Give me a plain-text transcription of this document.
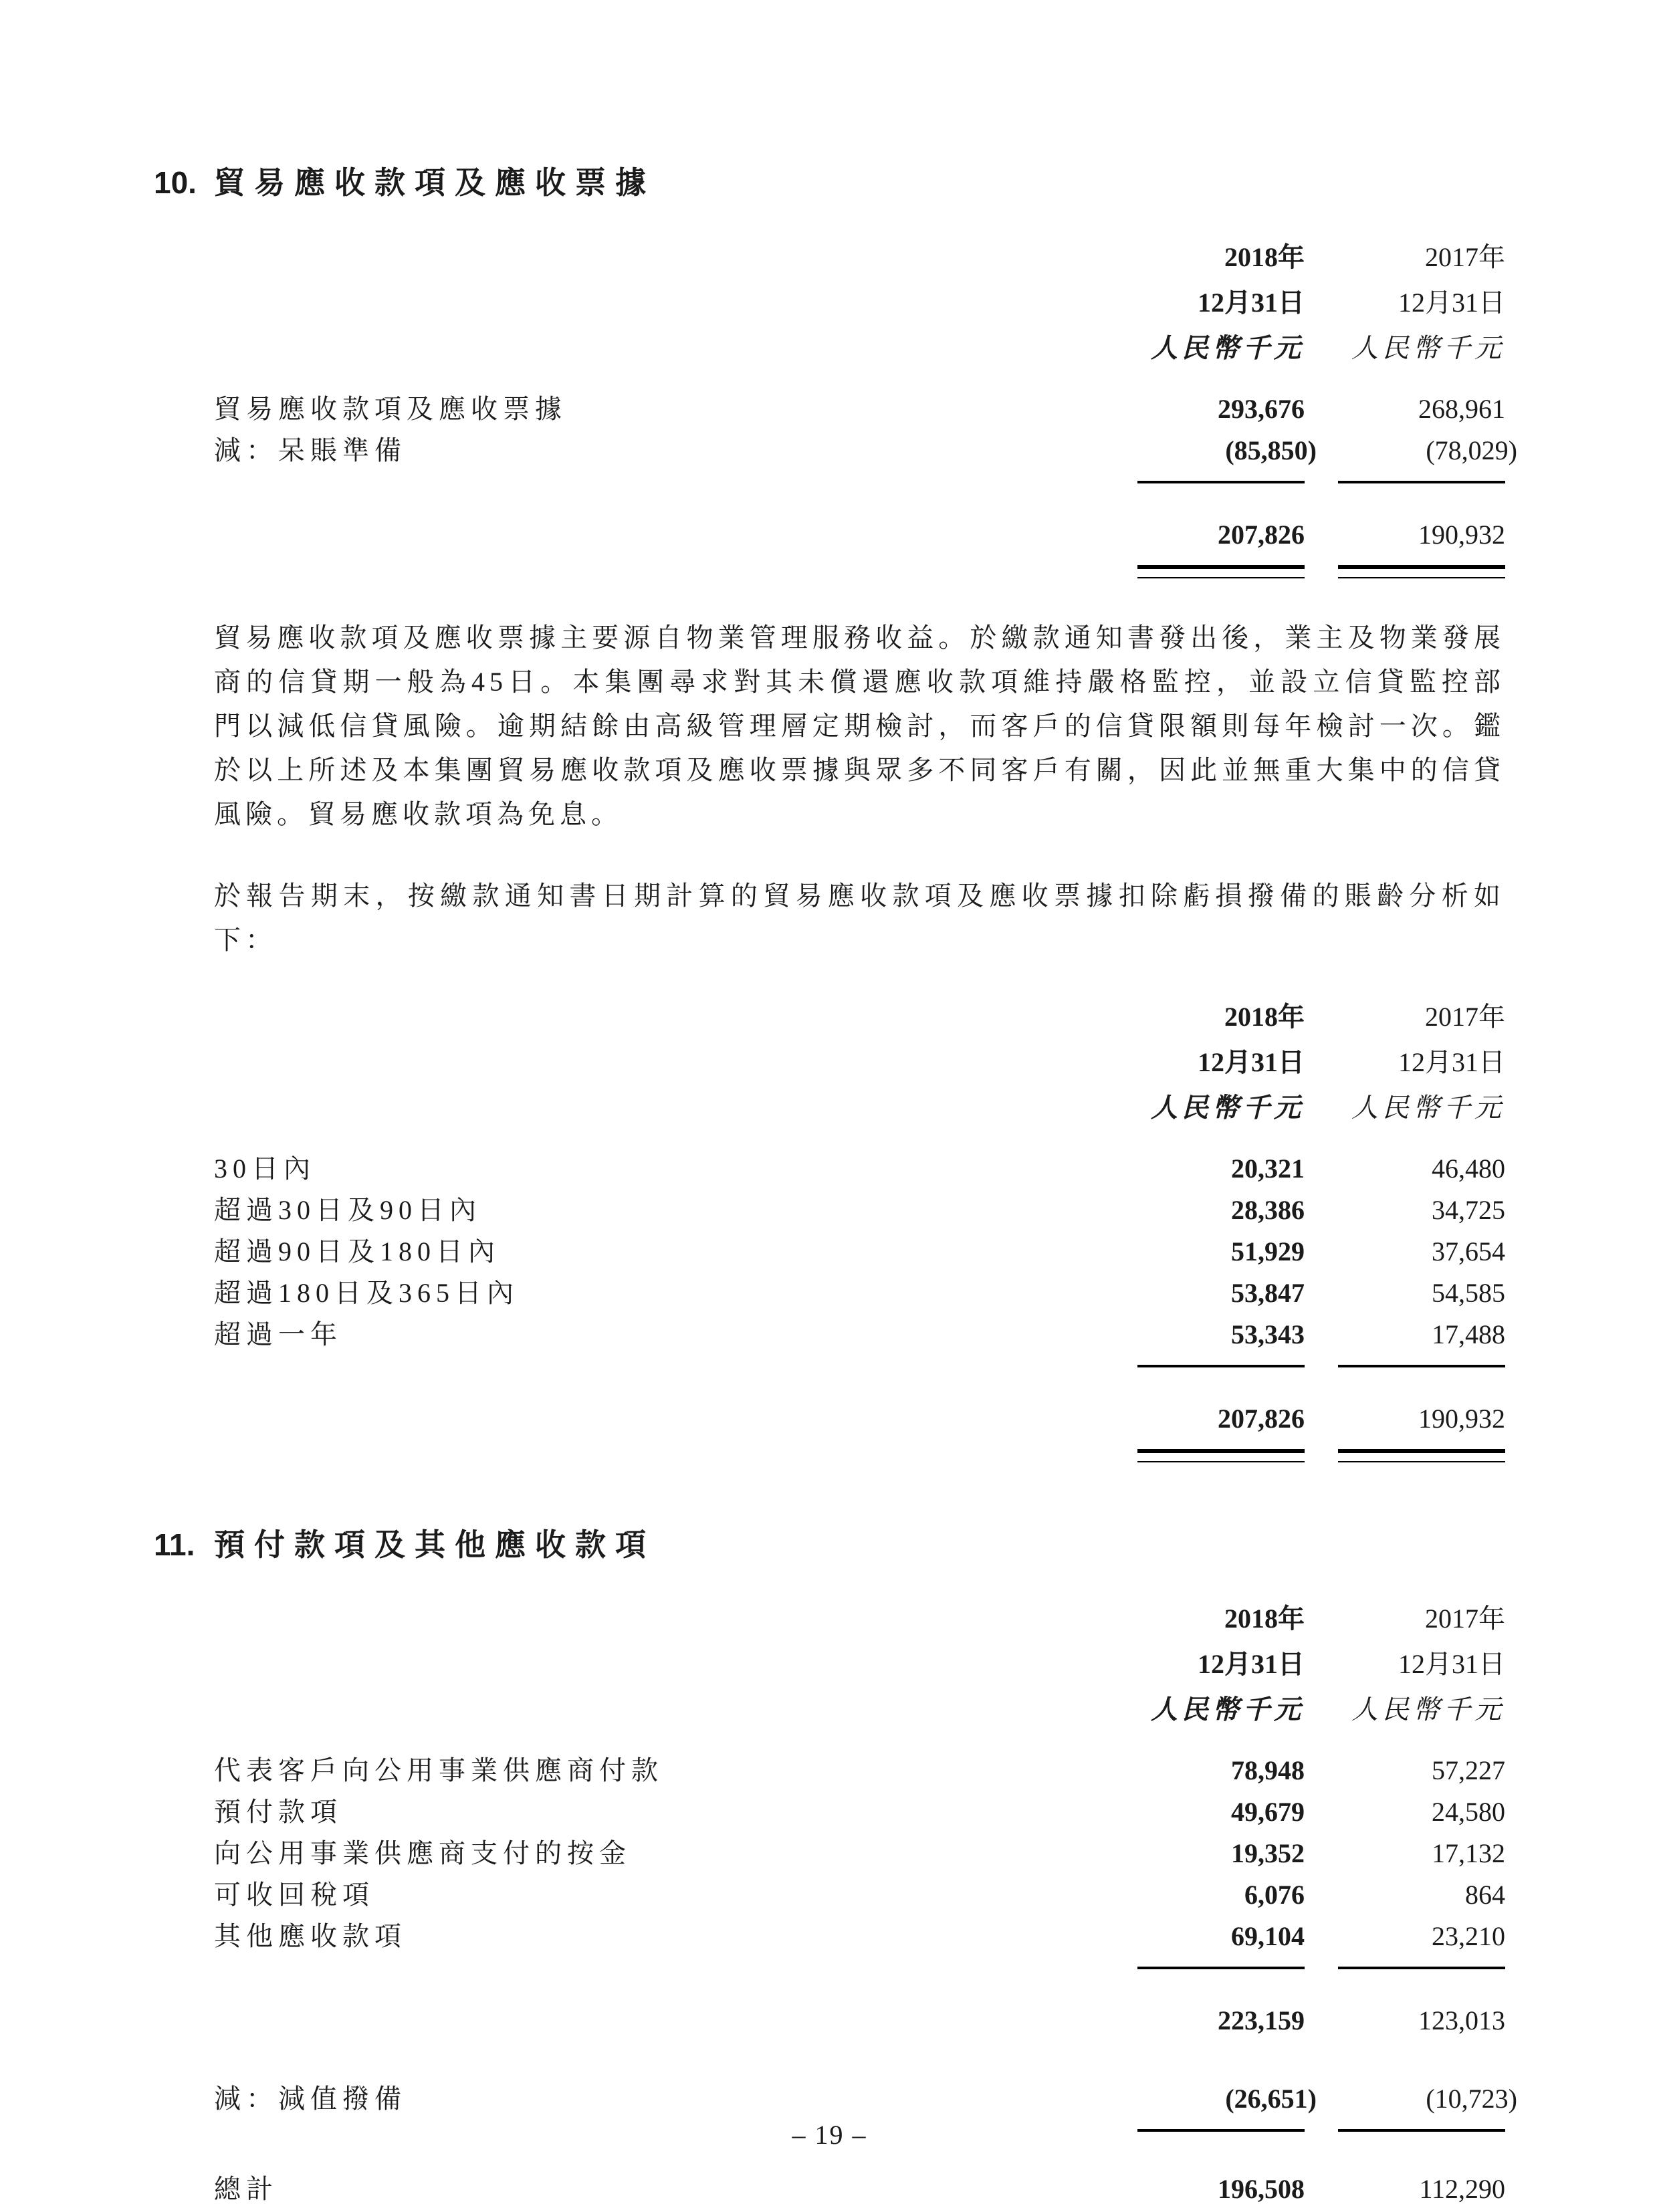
10. 貿易應收款項及應收票據
2018年	2017年
12月31日	12月31日
人民幣千元	人民幣千元
貿易應收款項及應收票據	293,676	268,961
減：呆賬準備	(85,850)	(78,029)
207,826	190,932

貿易應收款項及應收票據主要源自物業管理服務收益。於繳款通知書發出後，業主及物業發展商的信貸期一般為45日。本集團尋求對其未償還應收款項維持嚴格監控，並設立信貸監控部門以減低信貸風險。逾期結餘由高級管理層定期檢討，而客戶的信貸限額則每年檢討一次。鑑於以上所述及本集團貿易應收款項及應收票據與眾多不同客戶有關，因此並無重大集中的信貸風險。貿易應收款項為免息。

於報告期末，按繳款通知書日期計算的貿易應收款項及應收票據扣除虧損撥備的賬齡分析如下：

2018年	2017年
12月31日	12月31日
人民幣千元	人民幣千元
30日內	20,321	46,480
超過30日及90日內	28,386	34,725
超過90日及180日內	51,929	37,654
超過180日及365日內	53,847	54,585
超過一年	53,343	17,488
207,826	190,932
11. 預付款項及其他應收款項
2018年	2017年
12月31日	12月31日
人民幣千元	人民幣千元
代表客戶向公用事業供應商付款	78,948	57,227
預付款項	49,679	24,580
向公用事業供應商支付的按金	19,352	17,132
可收回稅項	6,076	864
其他應收款項	69,104	23,210
223,159	123,013
減：減值撥備	(26,651)	(10,723)
總計	196,508	112,290
– 19 –
